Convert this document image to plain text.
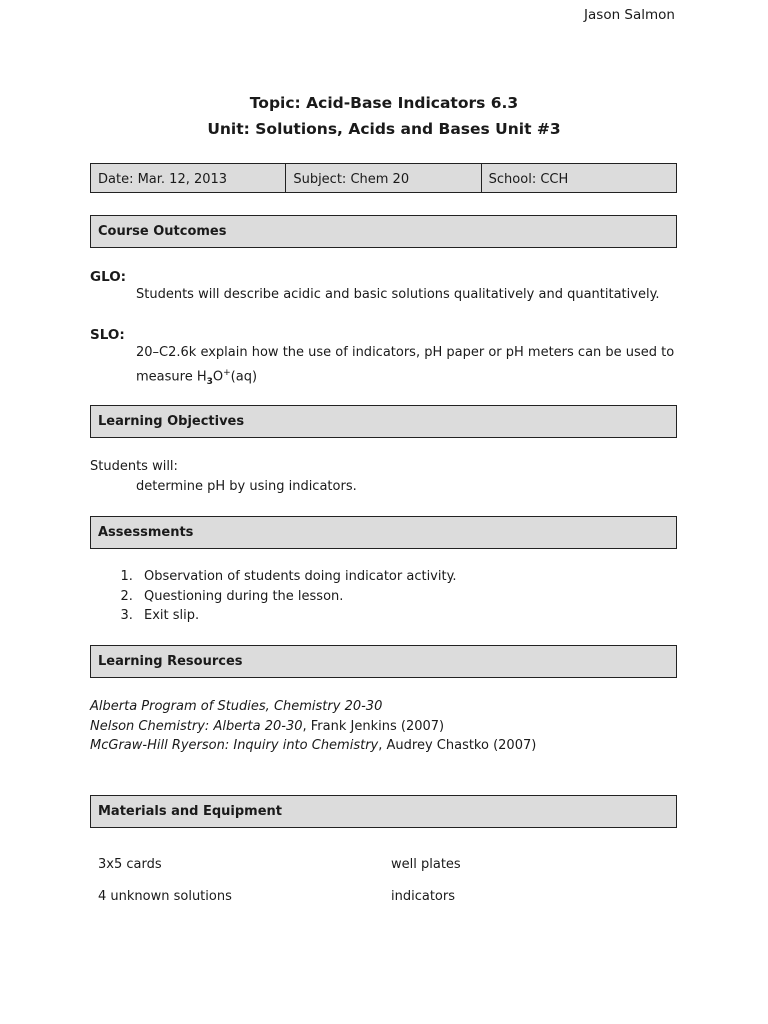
Jason Salmon
Topic: Acid-Base Indicators 6.3
Unit: Solutions, Acids and Bases Unit #3
Date: Mar. 12, 2013	Subject: Chem 20	School: CCH
Course Outcomes
GLO:
Students will describe acidic and basic solutions qualitatively and quantitatively.
SLO:
20–C2.6k explain how the use of indicators, pH paper or pH meters can be used to
measure $H_3O^+(aq)$
Learning Objectives
Students will:
determine pH by using indicators.
Assessments
1. Observation of students doing indicator activity.
2. Questioning during the lesson.
3. Exit slip.
Learning Resources
Alberta Program of Studies, Chemistry 20-30
Nelson Chemistry: Alberta 20-30, Frank Jenkins (2007)
McGraw-Hill Ryerson: Inquiry into Chemistry, Audrey Chastko (2007)
Materials and Equipment
3x5 cards	well plates
4 unknown solutions	indicators
